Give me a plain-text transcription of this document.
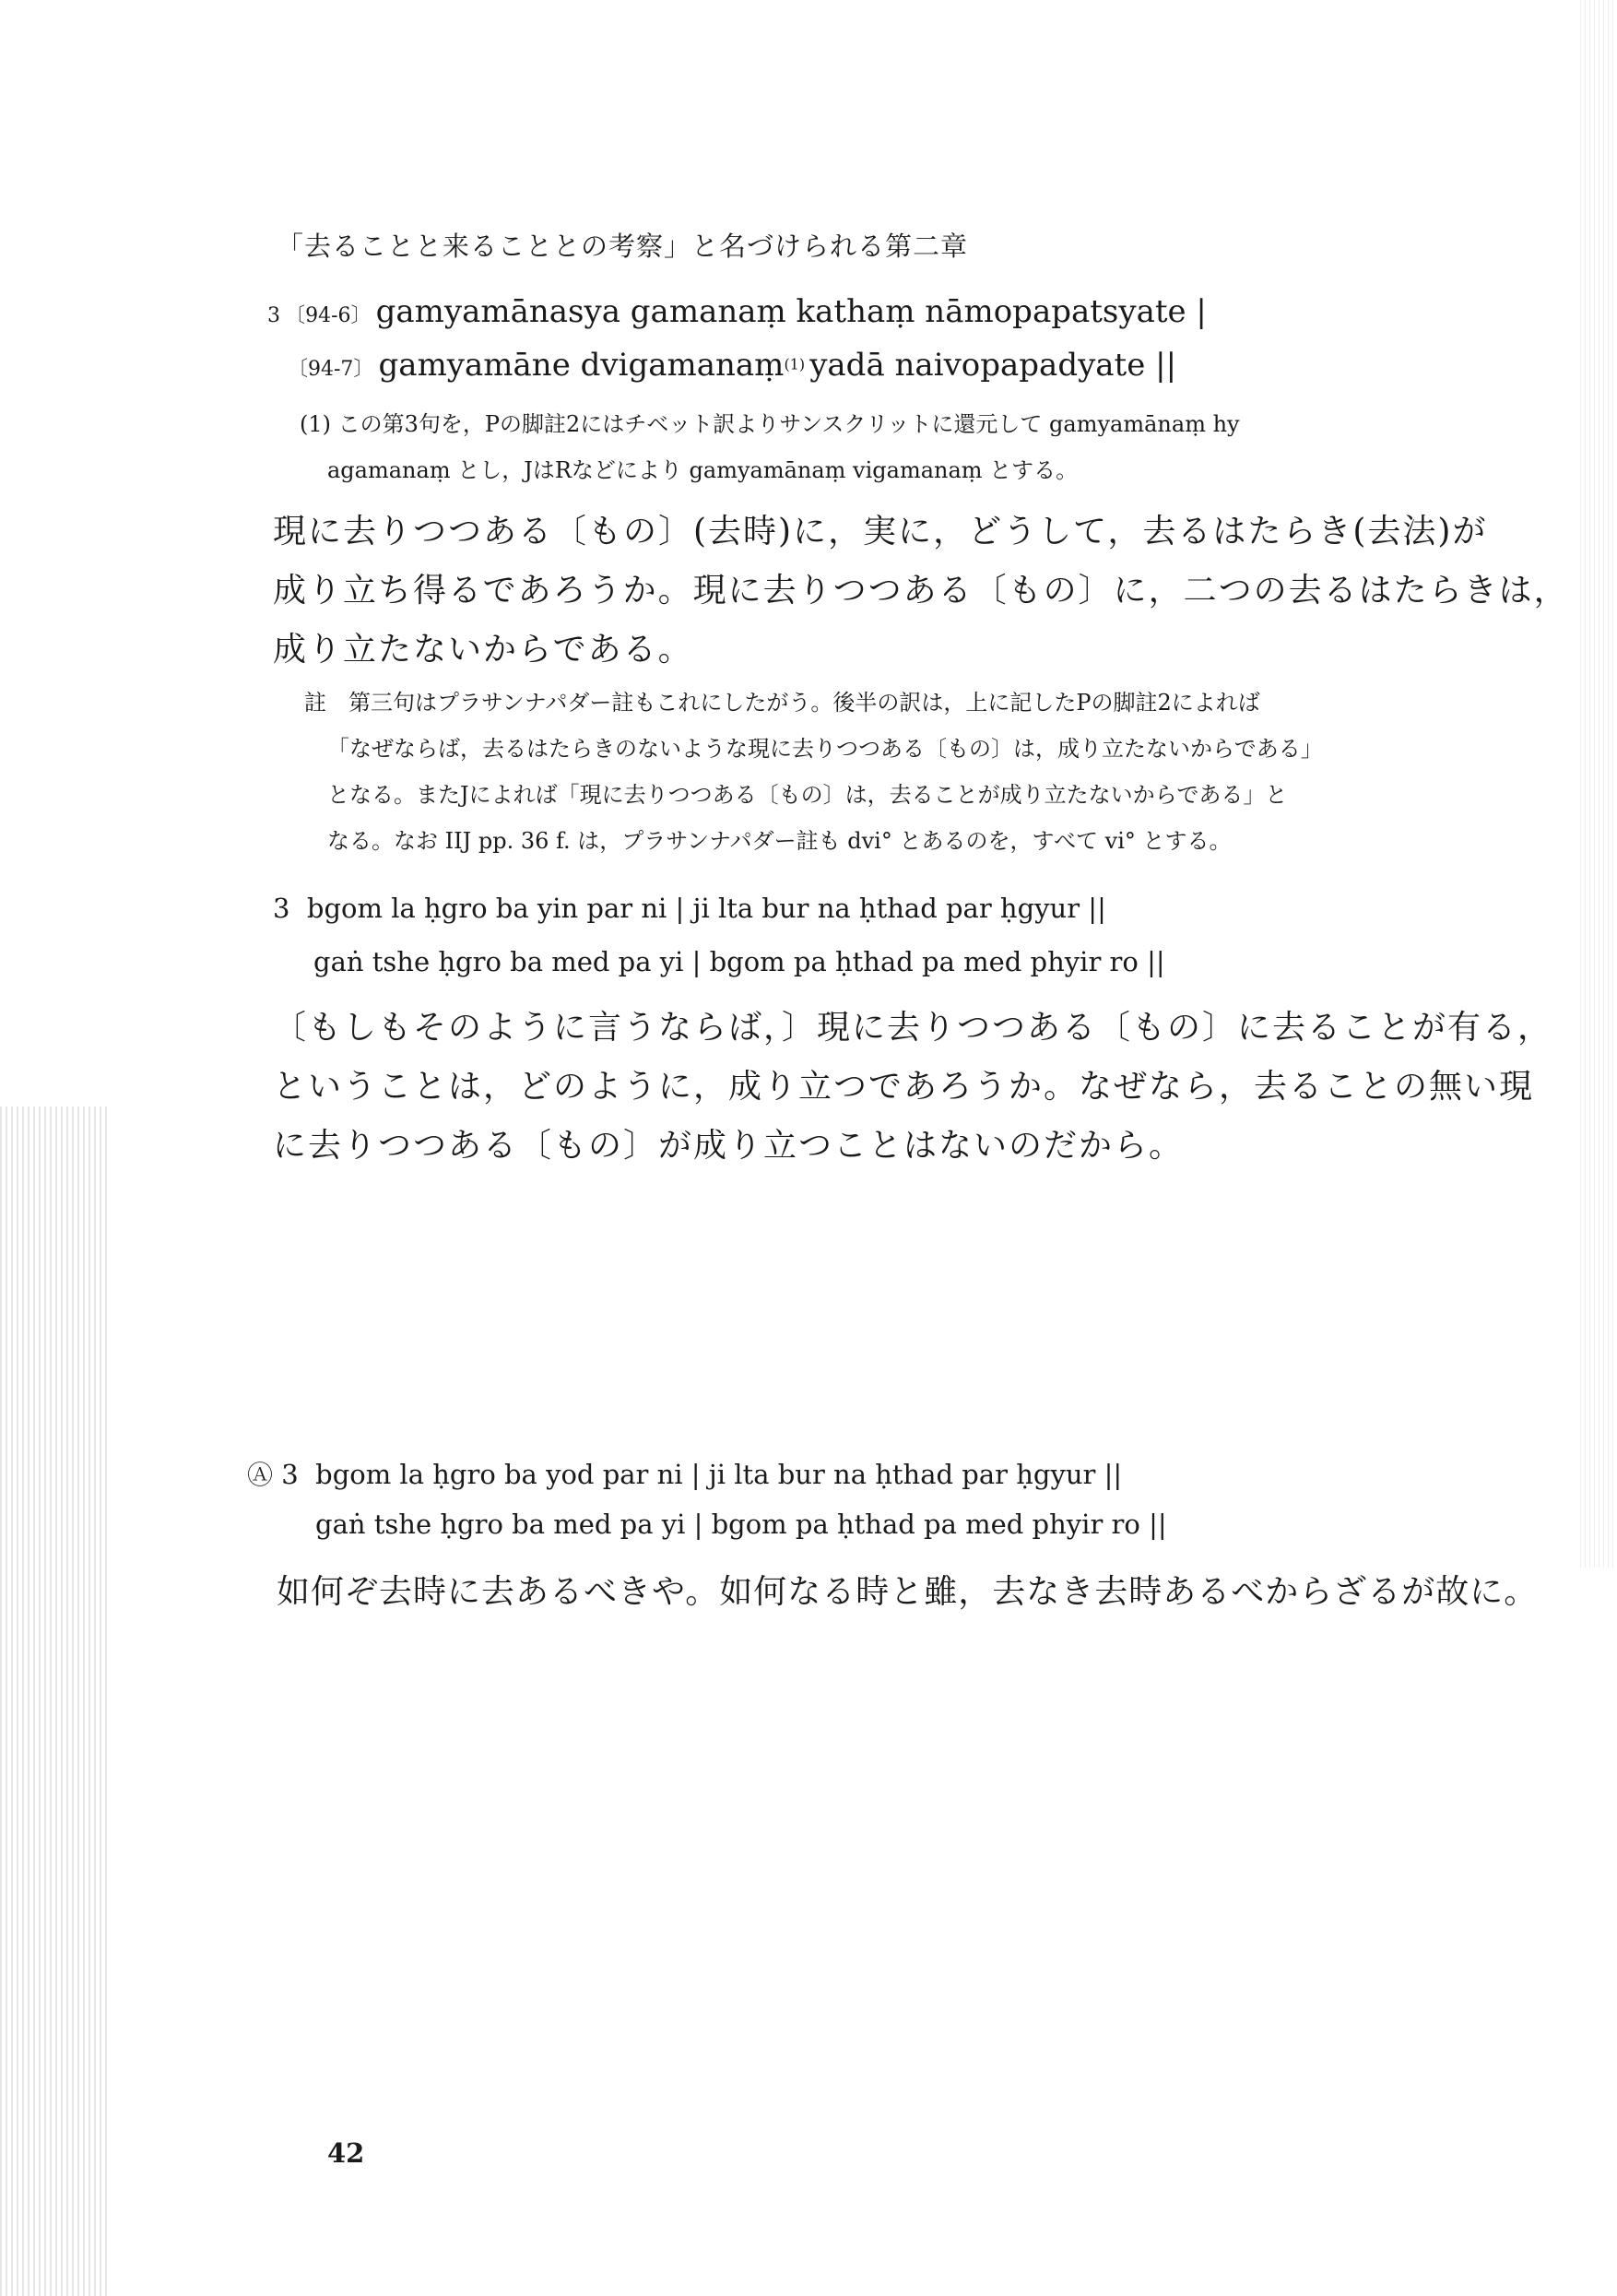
「去ることと来ることとの考察」と名づけられる第二章
3 〔94-6〕 gamyamānasya gamanaṃ kathaṃ nāmopapatsyate |
〔94-7〕 gamyamāne dvigamanaṃ(1) yadā naivopapadyate ||
(1) この第3句を，Pの脚註2にはチベット訳よりサンスクリットに還元して gamyamānaṃ hy
agamanaṃ とし，JはRなどにより gamyamānaṃ vigamanaṃ とする。
現に去りつつある〔もの〕(去時)に，実に，どうして，去るはたらき(去法)が
成り立ち得るであろうか。現に去りつつある〔もの〕に，二つの去るはたらきは，
成り立たないからである。
註　第三句はプラサンナパダー註もこれにしたがう。後半の訳は，上に記したPの脚註2によれば
「なぜならば，去るはたらきのないような現に去りつつある〔もの〕は，成り立たないからである」
となる。またJによれば「現に去りつつある〔もの〕は，去ることが成り立たないからである」と
なる。なお IIJ pp. 36 f. は，プラサンナパダー註も dvi° とあるのを，すべて vi° とする。
3 bgom la ḥgro ba yin par ni | ji lta bur na ḥthad par ḥgyur ||
gaṅ tshe ḥgro ba med pa yi | bgom pa ḥthad pa med phyir ro ||
〔もしもそのように言うならば，〕現に去りつつある〔もの〕に去ることが有る，
ということは，どのように，成り立つであろうか。なぜなら，去ることの無い現
に去りつつある〔もの〕が成り立つことはないのだから。
Ⓐ 3 bgom la ḥgro ba yod par ni | ji lta bur na ḥthad par ḥgyur ||
gaṅ tshe ḥgro ba med pa yi | bgom pa ḥthad pa med phyir ro ||
如何ぞ去時に去あるべきや。如何なる時と雖，去なき去時あるべからざるが故に。
42
